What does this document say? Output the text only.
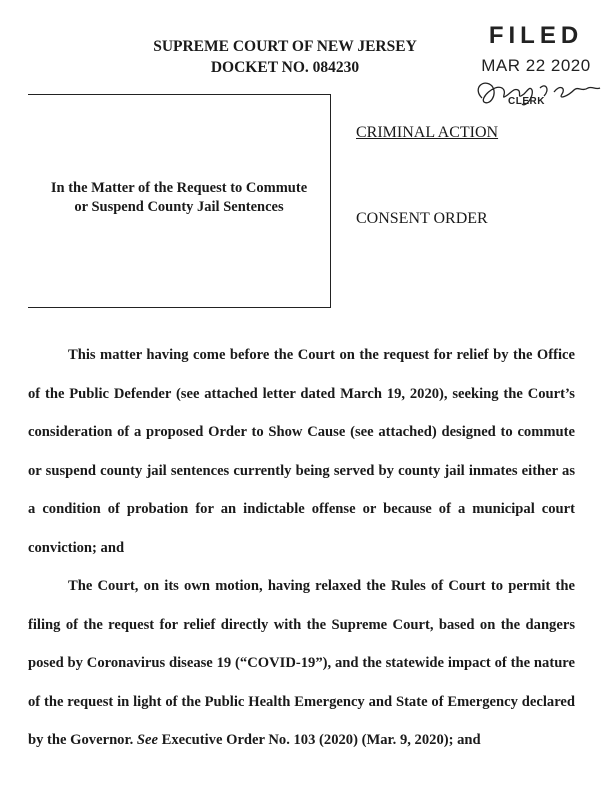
SUPREME COURT OF NEW JERSEY
DOCKET NO. 084230
FILED
MAR 22 2020
CLERK
In the Matter of the Request to Commute or Suspend County Jail Sentences
CRIMINAL ACTION
CONSENT ORDER

This matter having come before the Court on the request for relief by the Office of the Public Defender (see attached letter dated March 19, 2020), seeking the Court’s consideration of a proposed Order to Show Cause (see attached) designed to commute or suspend county jail sentences currently being served by county jail inmates either as a condition of probation for an indictable offense or because of a municipal court conviction; and

The Court, on its own motion, having relaxed the Rules of Court to permit the filing of the request for relief directly with the Supreme Court, based on the dangers posed by Coronavirus disease 19 (“COVID-19”), and the statewide impact of the nature of the request in light of the Public Health Emergency and State of Emergency declared by the Governor. See Executive Order No. 103 (2020) (Mar. 9, 2020); and
